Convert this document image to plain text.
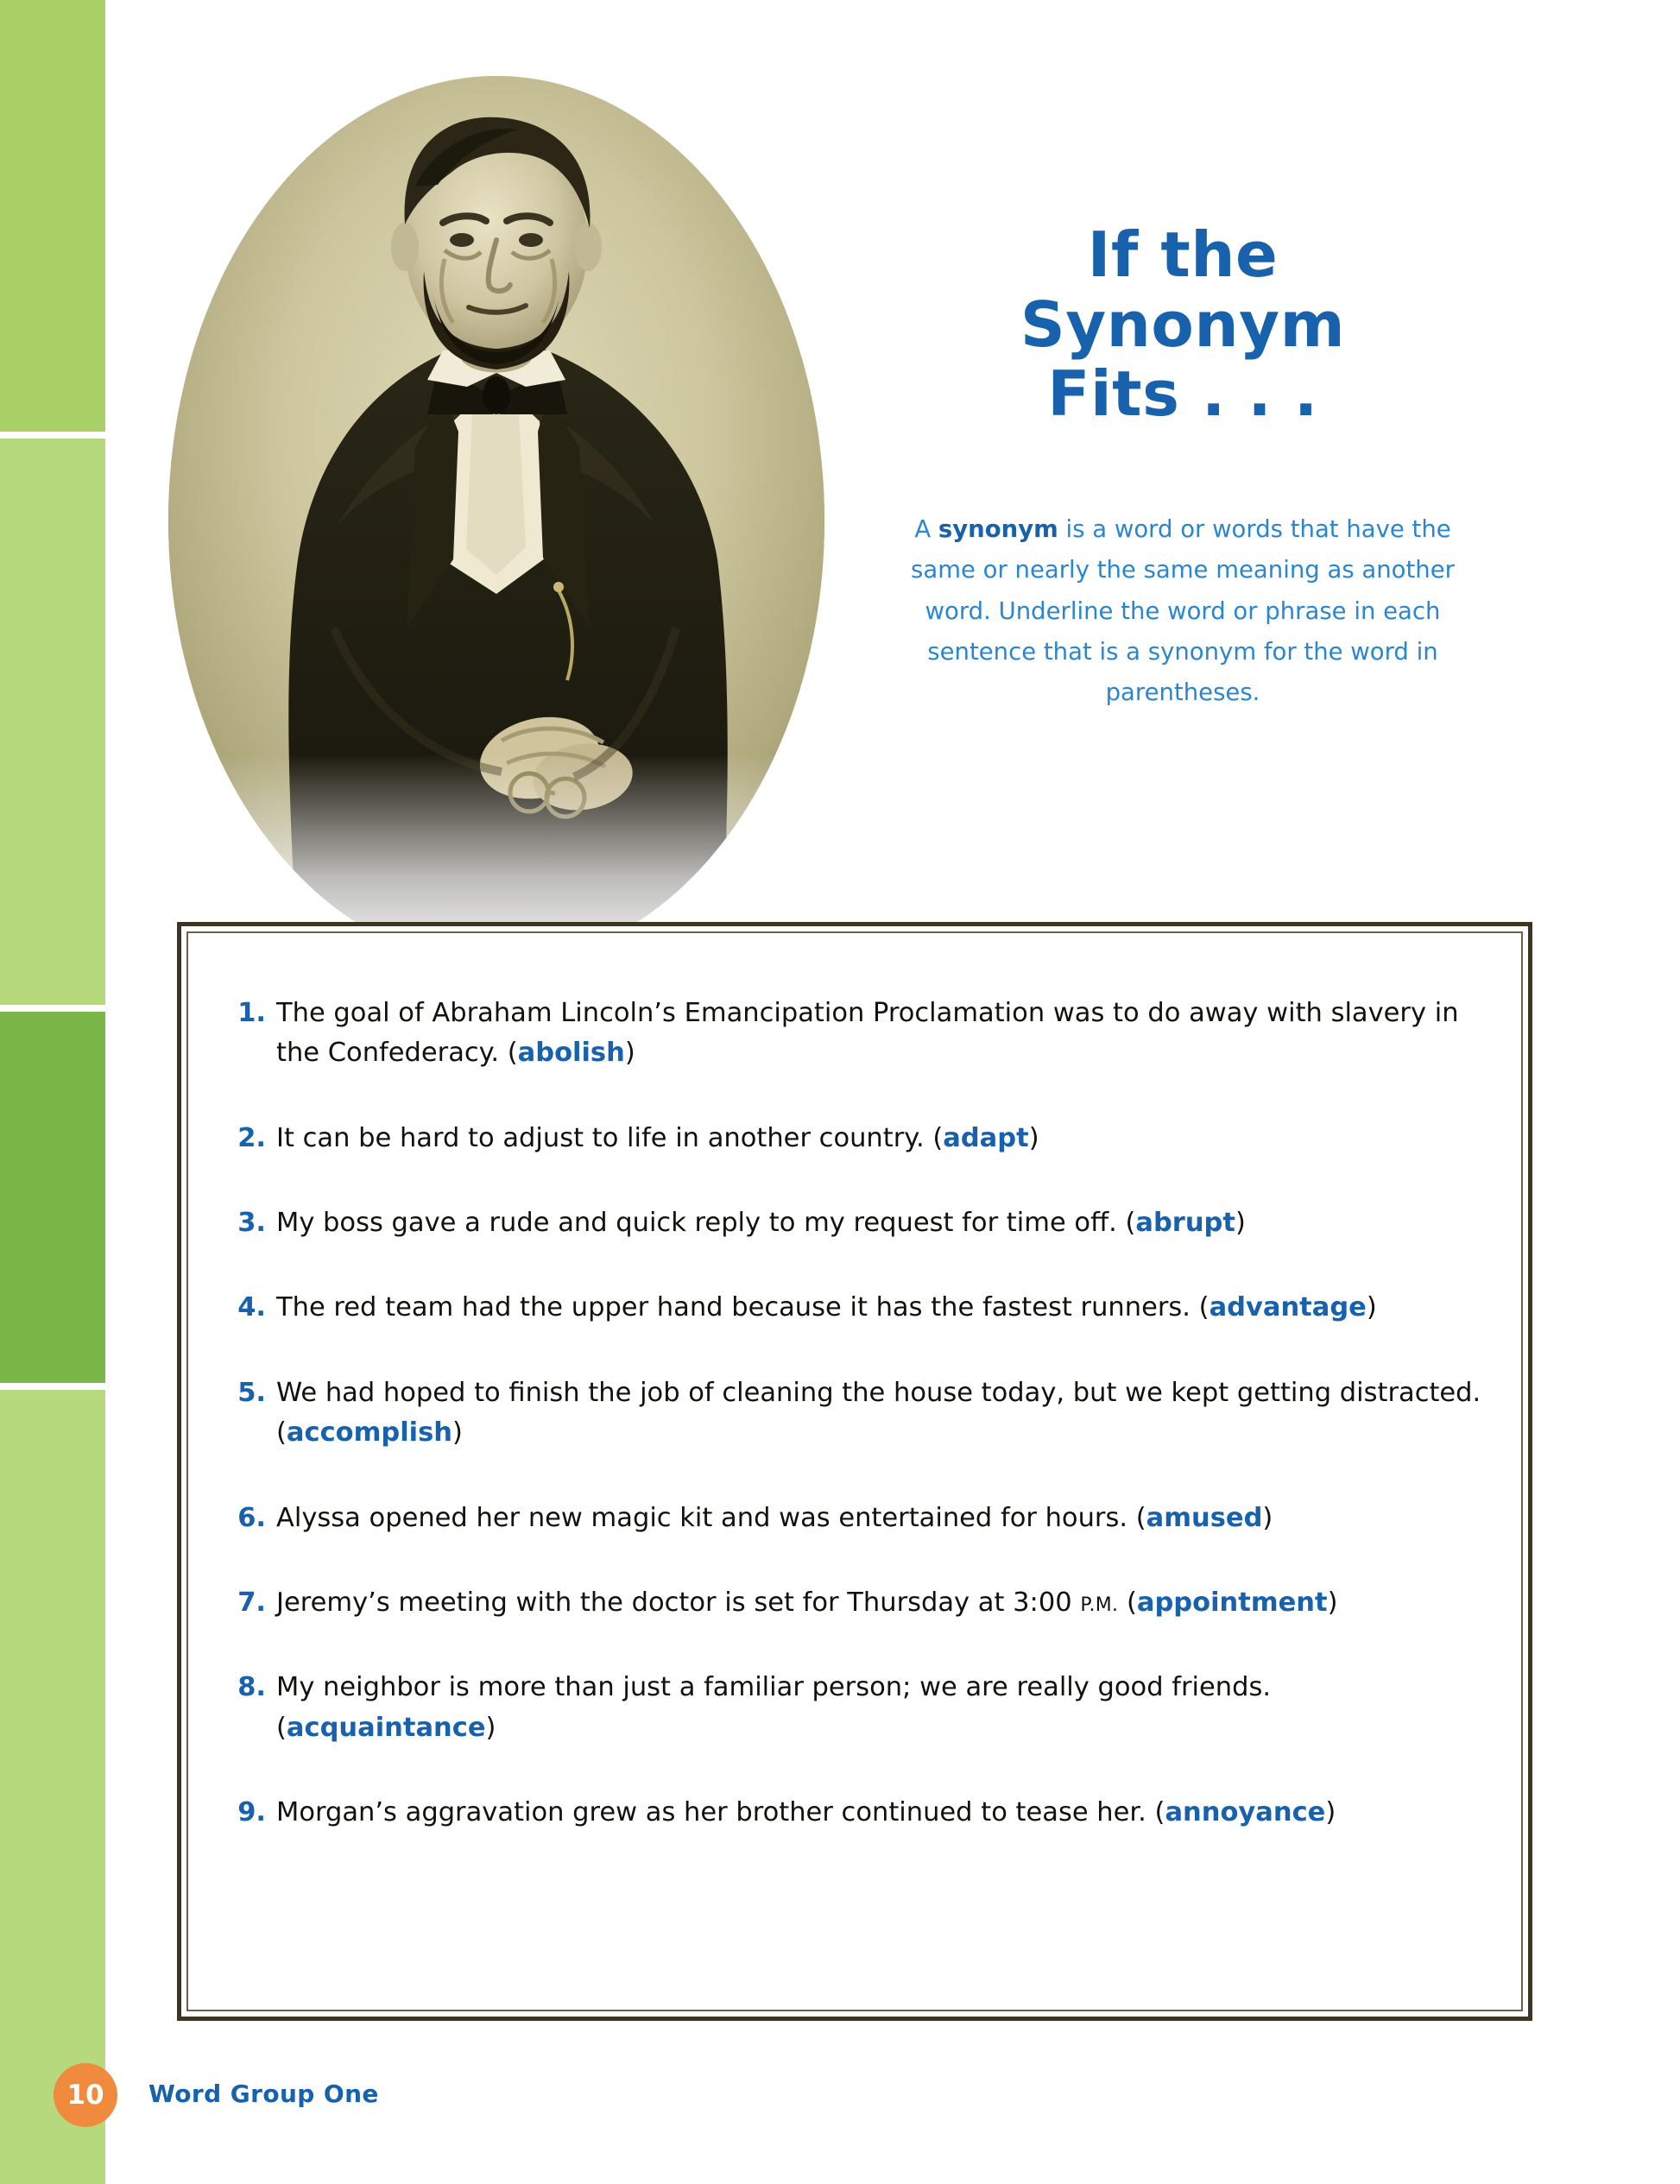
If the
Synonym
Fits . . .
A synonym is a word or words that have the same or nearly the same meaning as another word. Underline the word or phrase in each sentence that is a synonym for the word in parentheses.
1. The goal of Abraham Lincoln’s Emancipation Proclamation was to do away with slavery in the Confederacy. (abolish)
2. It can be hard to adjust to life in another country. (adapt)
3. My boss gave a rude and quick reply to my request for time off. (abrupt)
4. The red team had the upper hand because it has the fastest runners. (advantage)
5. We had hoped to finish the job of cleaning the house today, but we kept getting distracted. (accomplish)
6. Alyssa opened her new magic kit and was entertained for hours. (amused)
7. Jeremy’s meeting with the doctor is set for Thursday at 3:00 P.M. (appointment)
8. My neighbor is more than just a familiar person; we are really good friends. (acquaintance)
9. Morgan’s aggravation grew as her brother continued to tease her. (annoyance)
10	Word Group One
